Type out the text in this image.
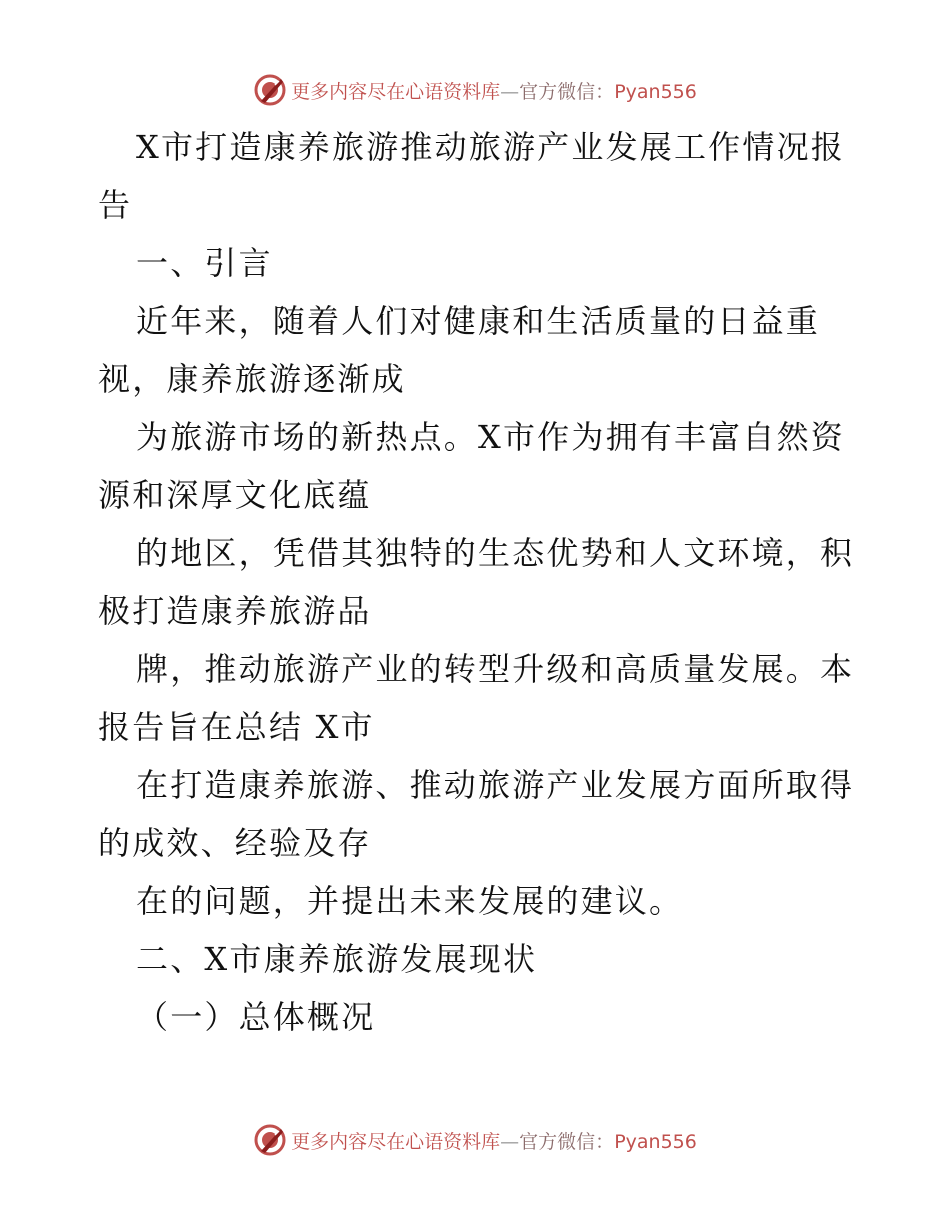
更多内容尽在心语资料库—官方微信：Pyan556
X市打造康养旅游推动旅游产业发展工作情况报
告
一、引言
近年来，随着人们对健康和生活质量的日益重
视，康养旅游逐渐成
为旅游市场的新热点。X市作为拥有丰富自然资
源和深厚文化底蕴
的地区，凭借其独特的生态优势和人文环境，积
极打造康养旅游品
牌，推动旅游产业的转型升级和高质量发展。本
报告旨在总结 X市
在打造康养旅游、推动旅游产业发展方面所取得
的成效、经验及存
在的问题，并提出未来发展的建议。
二、X市康养旅游发展现状
（一）总体概况
更多内容尽在心语资料库—官方微信：Pyan556
